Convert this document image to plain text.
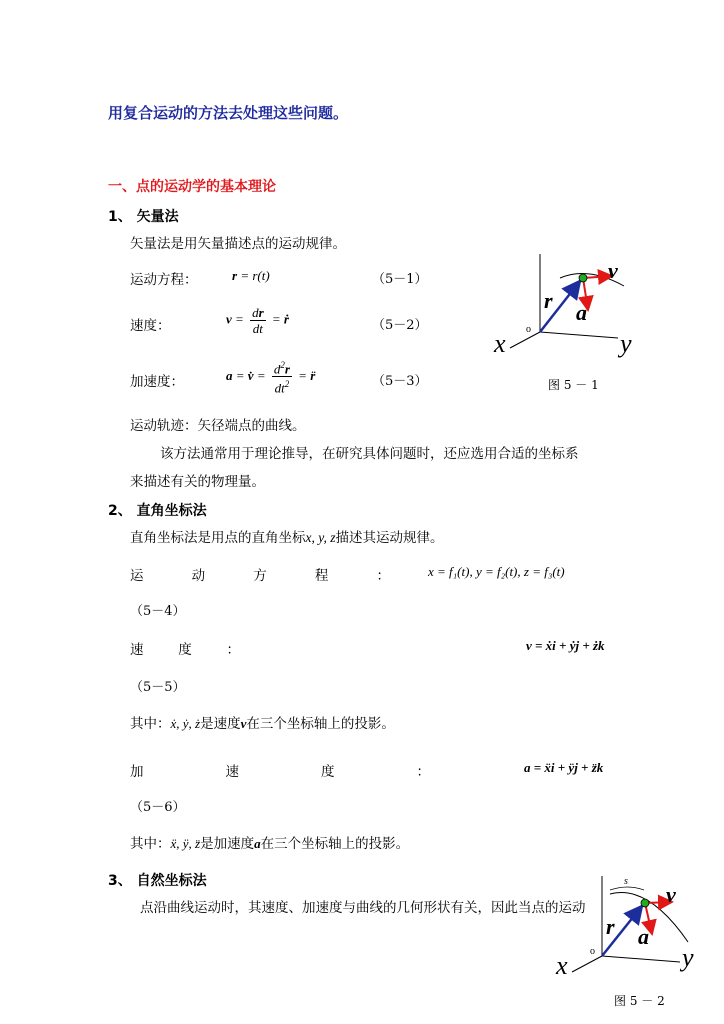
用复合运动的方法去处理这些问题。
一、点的运动学的基本理论
1、 矢量法
矢量法是用矢量描述点的运动规律。
运动方程：	r = r(t)	（5－1）
速度：	$v = \frac{dr}{dt}$ = ṙ	（5－2）
加速度：	a = v̇ = $\frac{d^2r}{dt^2}$ = r̈	（5－3）
运动轨迹：矢径端点的曲线。
该方法通常用于理论推导，在研究具体问题时，还应选用合适的坐标系
来描述有关的物理量。
v
r a
o
x	y
图 5 － 1
2、 直角坐标法
直角坐标法是用点的直角坐标x, y, z描述其运动规律。
运	动	方	程	：	x = f₁(t), y = f₂(t), z = f₃(t)
（5－4）
速	度	：	v = ẋi + ẏj + żk
（5－5）
其中：ẋ, ẏ, ż是速度v在三个坐标轴上的投影。
加	速	度	：	a = ẍi + ÿj + z̈k
（5－6）
其中：ẍ, ÿ, z̈是加速度a在三个坐标轴上的投影。
3、 自然坐标法
点沿曲线运动时，其速度、加速度与曲线的几何形状有关，因此当点的运动
s
v
r a
o
x	y
图 5 － 2
